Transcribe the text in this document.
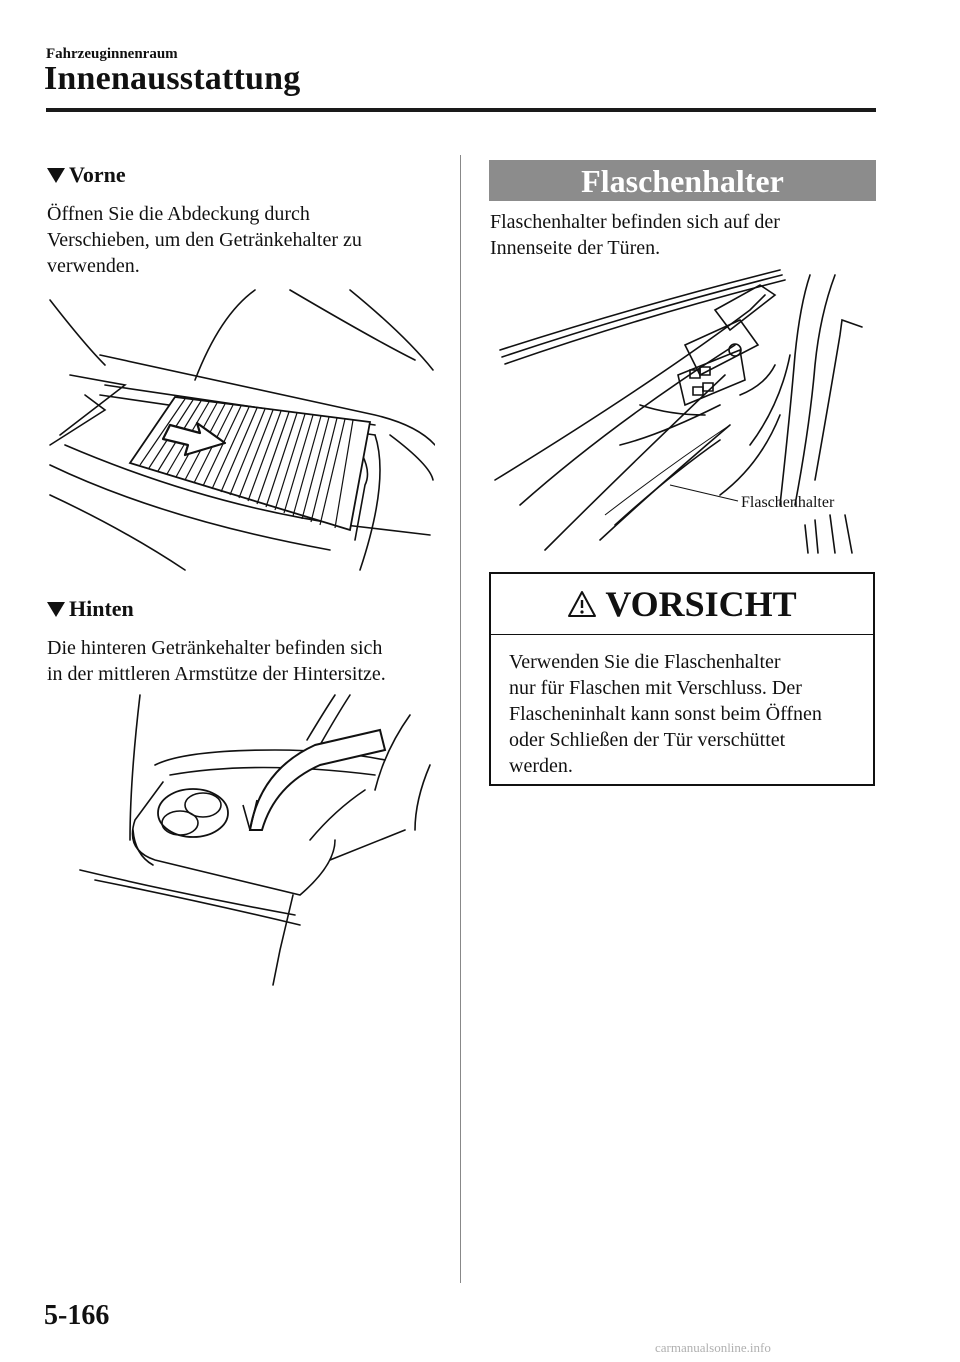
Fahrzeuginnenraum
Innenausstattung
Vorne
Öffnen Sie die Abdeckung durch
Verschieben, um den Getränkehalter zu
verwenden.
Hinten
Die hinteren Getränkehalter befinden sich
in der mittleren Armstütze der Hintersitze.
Flaschenhalter
Flaschenhalter befinden sich auf der
Innenseite der Türen.
Flaschenhalter
VORSICHT
Verwenden Sie die Flaschenhalter
nur für Flaschen mit Verschluss. Der
Flascheninhalt kann sonst beim Öffnen
oder Schließen der Tür verschüttet
werden.
5-166
carmanualsonline.info
